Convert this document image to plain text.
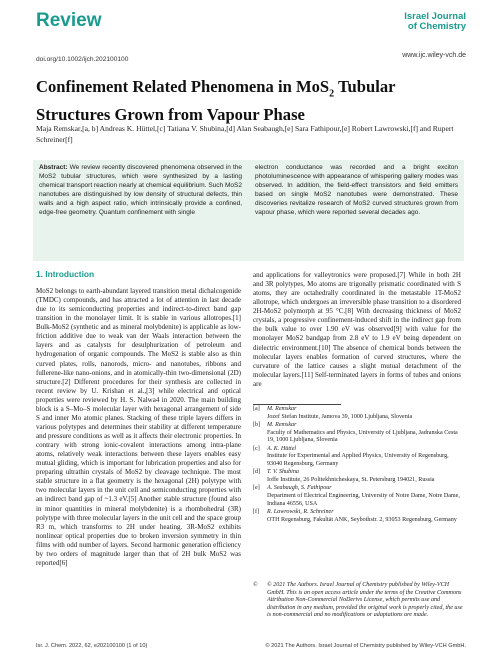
Review	Israel Journal
of Chemistry
www.ijc.wiley-vch.de
doi.org/10.1002/ijch.202100100
Confinement Related Phenomena in MoS$_2$ Tubular
Structures Grown from Vapour Phase
Maja Remskar,[a, b] Andreas K. Hüttel,[c] Tatiana V. Shubina,[d] Alan Seabaugh,[e] Sara Fathipour,[e] Robert Lawrowski,[f] and Rupert Schreiner[f]
Abstract: We review recently discovered phenomena observed in the MoS2 tubular structures, which were synthesized by a lasting chemical transport reaction nearly at chemical equilibrium. Such MoS2 nanotubes are distinguished by low density of structural defects, thin walls and a high aspect ratio, which intrinsically provide a confined, edge-free geometry. Quantum confinement with single
electron conductance was recorded and a bright exciton photoluminescence with appearance of whispering gallery modes was observed. In addition, the field-effect transistors and field emitters based on single MoS2 nanotubes were demonstrated. These discoveries revitalize research of MoS2 curved structures grown from vapour phase, which were reported several decades ago.
1. Introduction
MoS2 belongs to earth-abundant layered transition metal dichalcogenide (TMDC) compounds, and has attracted a lot of attention in last decade due to its semiconducting properties and indirect-to-direct band gap transition in the monolayer limit. It is stable in various allotropes.[1] Bulk-MoS2 (synthetic and as mineral molybdenite) is applicable as low-friction additive due to weak van der Waals interaction between the layers and as catalysts for desulphurization of petroleum and hydrogenation of organic compounds. The MoS2 is stable also as thin curved plates, rolls, nanorods, micro- and nanotubes, ribbons and fullerene-like nano-onions, and in atomically-thin two-dimensional (2D) structure.[2] Different procedures for their synthesis are collected in recent review by U. Krishan et al.,[3] while electrical and optical properties were reviewed by H. S. Nalwa4 in 2020. The main building block is a S–Mo–S molecular layer with hexagonal arrangement of side S and inner Mo atomic planes. Stacking of these triple layers differs in various polytypes and determines their stability at different temperature and pressure conditions as well as it affects their electronic properties. In contrary with strong ionic-covalent interactions among intra-plane atoms, relatively weak interactions between these layers enables easy mutual gliding, which is important for lubrication properties and also for preparing ultrathin crystals of MoS2 by cleavage technique. The most stable structure in a flat geometry is the hexagonal (2H) polytype with two molecular layers in the unit cell and semiconducting properties with an indirect band gap of ~1.3 eV.[5] Another stable structure (found also in minor quantities in mineral molybdenite) is a rhombohedral (3R) polytype with three molecular layers in the unit cell and the space group R3 m, which transforms to 2H under heating. 3R-MoS2 exhibits nonlinear optical properties due to broken inversion symmetry in thin films with odd number of layers. Second harmonic generation efficiency by two orders of magnitude larger than that of 2H bulk MoS2 was reported[6]
and applications for valleytronics were proposed.[7] While in both 2H and 3R polytypes, Mo atoms are trigonally prismatic coordinated with S atoms, they are octahedrally coordinated in the metastable 1T-MoS2 allotrope, which undergoes an irreversible phase transition to a disordered 2H-MoS2 polymorph at 95 °C.[8] With decreasing thickness of MoS2 crystals, a progressive confinement-induced shift in the indirect gap from the bulk value to over 1.90 eV was observed[9] with value for the monolayer MoS2 bandgap from 2.8 eV to 1.9 eV being dependent on dielectric environment.[10] The absence of chemical bonds between the molecular layers enables formation of curved structures, where the curvature of the lattice causes a slight mutual detachment of the molecular layers.[11] Self-terminated layers in forms of tubes and onions are
[a]	M. Remskar
Jozef Stefan Institute, Jamova 39, 1000 Ljubljana, Slovenia
[b]	M. Remskar
Faculty of Mathematics and Physics, University of Ljubljana, Jadranska Cesta 19, 1000 Ljubljana, Slovenia
[c]	A. K. Hüttel
Institute for Experimental and Applied Physics, University of Regensburg, 93040 Regensburg, Germany
[d]	T. V. Shubina
Ioffe Institute, 26 Politekhnicheskaya, St. Petersburg 194021, Russia
[e]	A. Seabaugh, S. Fathipour
Department of Electrical Engineering, University of Notre Dame, Notre Dame, Indiana 46556, USA
[f]	R. Lawrowski, R. Schreiner
OTH Regensburg, Fakultät ANK, Seybothstr. 2, 93053 Regensburg, Germany
©	© 2021 The Authors. Israel Journal of Chemistry published by Wiley-VCH GmbH. This is an open access article under the terms of the Creative Commons Attribution Non-Commercial NoDerivs License, which permits use and distribution in any medium, provided the original work is properly cited, the use is non-commercial and no modifications or adaptations are made.
Isr. J. Chem. 2022, 62, e202100100 (1 of 10)	© 2021 The Authors. Israel Journal of Chemistry published by Wiley-VCH GmbH.
